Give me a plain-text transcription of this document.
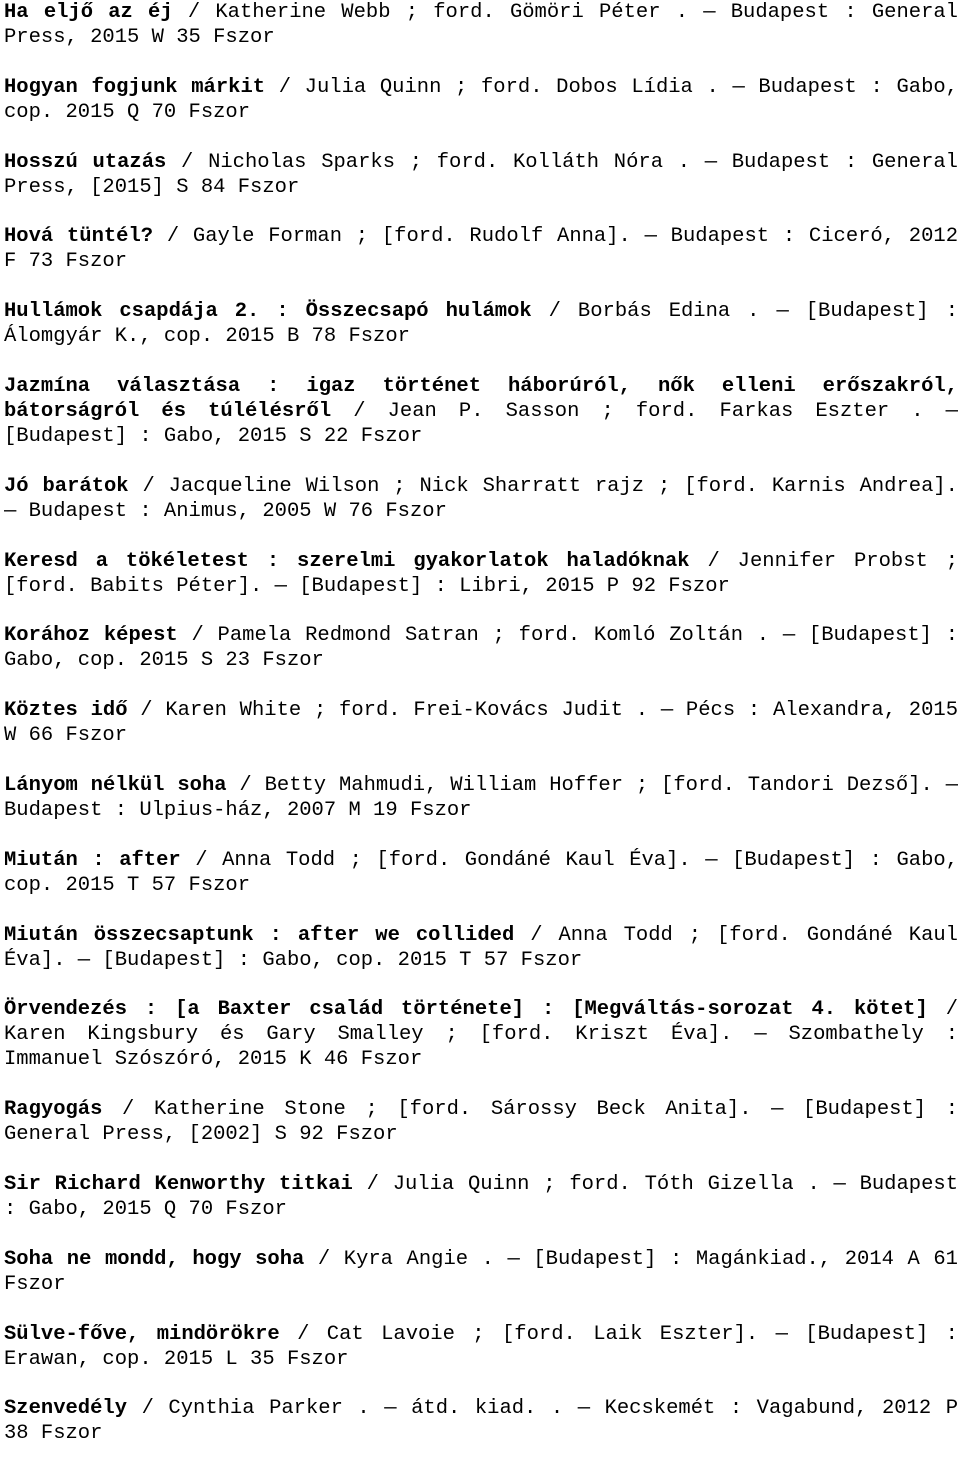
Ha eljő az éj / Katherine Webb ; ford. Gömöri Péter . — Budapest : General Press, 2015 W 35 Fszor
Hogyan fogjunk márkit / Julia Quinn ; ford. Dobos Lídia . — Budapest : Gabo, cop. 2015 Q 70 Fszor
Hosszú utazás / Nicholas Sparks ; ford. Kolláth Nóra . — Budapest : General Press, [2015] S 84 Fszor
Hová tüntél? / Gayle Forman ; [ford. Rudolf Anna]. — Budapest : Ciceró, 2012 F 73 Fszor
Hullámok csapdája 2. : Összecsapó hulámok / Borbás Edina . — [Budapest] : Álomgyár K., cop. 2015 B 78 Fszor
Jazmína választása : igaz történet háborúról, nők elleni erőszakról, bátorságról és túlélésről / Jean P. Sasson ; ford. Farkas Eszter . — [Budapest] : Gabo, 2015 S 22 Fszor
Jó barátok / Jacqueline Wilson ; Nick Sharratt rajz ; [ford. Karnis Andrea]. — Budapest : Animus, 2005 W 76 Fszor
Keresd a tökéletest : szerelmi gyakorlatok haladóknak / Jennifer Probst ; [ford. Babits Péter]. — [Budapest] : Libri, 2015 P 92 Fszor
Korához képest / Pamela Redmond Satran ; ford. Komló Zoltán . — [Budapest] : Gabo, cop. 2015 S 23 Fszor
Köztes idő / Karen White ; ford. Frei-Kovács Judit . — Pécs : Alexandra, 2015 W 66 Fszor
Lányom nélkül soha / Betty Mahmudi, William Hoffer ; [ford. Tandori Dezső]. — Budapest : Ulpius-ház, 2007 M 19 Fszor
Miután : after / Anna Todd ; [ford. Gondáné Kaul Éva]. — [Budapest] : Gabo, cop. 2015 T 57 Fszor
Miután összecsaptunk : after we collided / Anna Todd ; [ford. Gondáné Kaul Éva]. — [Budapest] : Gabo, cop. 2015 T 57 Fszor
Örvendezés : [a Baxter család története] : [Megváltás-sorozat 4. kötet] / Karen Kingsbury és Gary Smalley ; [ford. Kriszt Éva]. — Szombathely : Immanuel Szószóró, 2015 K 46 Fszor
Ragyogás / Katherine Stone ; [ford. Sárossy Beck Anita]. — [Budapest] : General Press, [2002] S 92 Fszor
Sir Richard Kenworthy titkai / Julia Quinn ; ford. Tóth Gizella . — Budapest : Gabo, 2015 Q 70 Fszor
Soha ne mondd, hogy soha / Kyra Angie . — [Budapest] : Magánkiad., 2014 A 61 Fszor
Sülve-főve, mindörökre / Cat Lavoie ; [ford. Laik Eszter]. — [Budapest] : Erawan, cop. 2015 L 35 Fszor
Szenvedély / Cynthia Parker . — átd. kiad. . — Kecskemét : Vagabund, 2012 P 38 Fszor
